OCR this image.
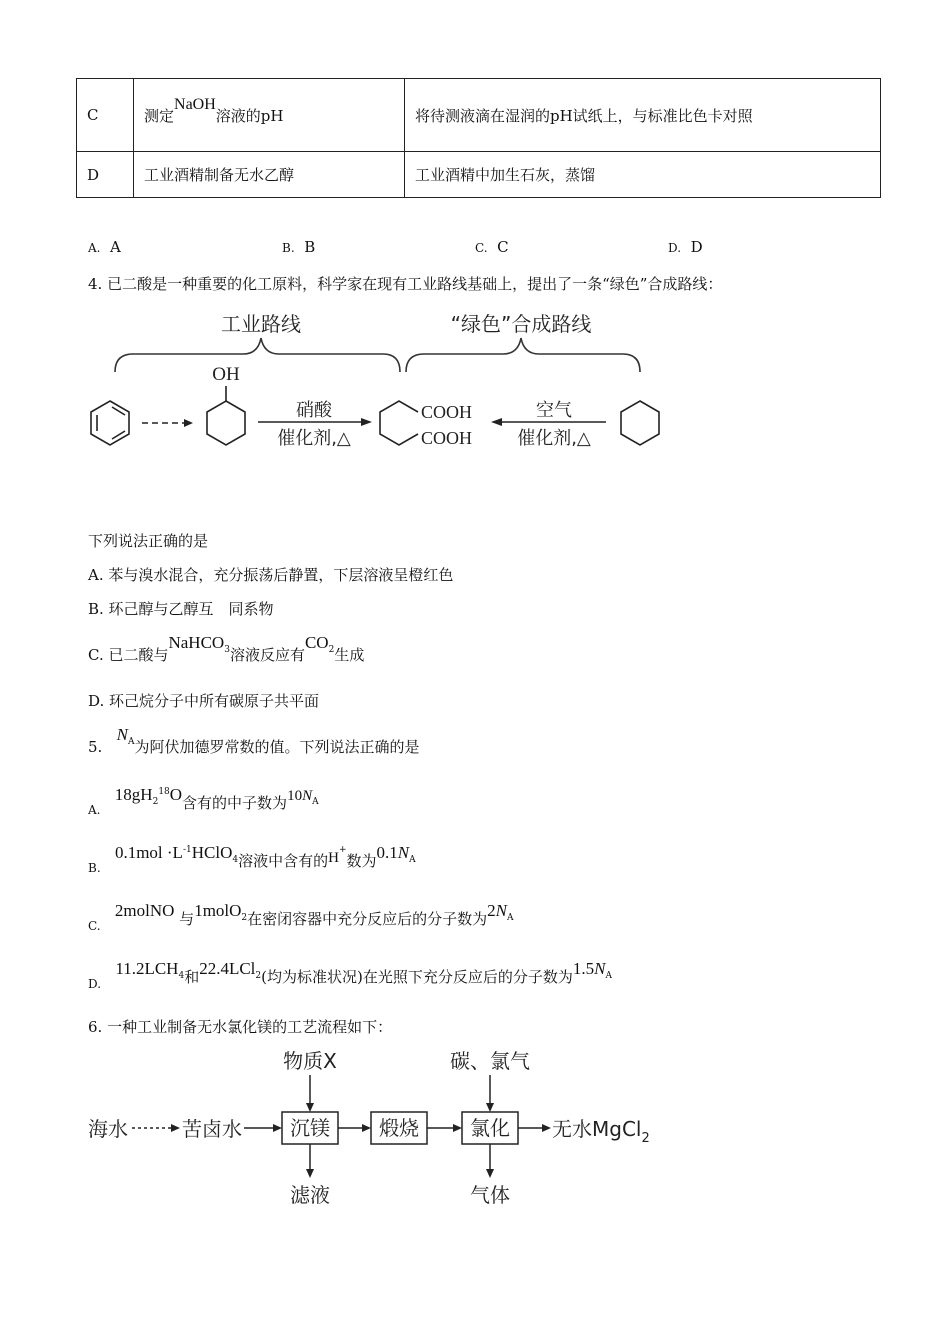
C	测定NaOH溶液的pH	将待测液滴在湿润的pH试纸上，与标准比色卡对照
D	工业酒精制备无水乙醇	工业酒精中加生石灰，蒸馏
A. A	B. B	C. C	D. D
4. 已二酸是一种重要的化工原料，科学家在现有工业路线基础上，提出了一条“绿色”合成路线：
工业路线	“绿色”合成路线
OH
硝酸
催化剂,△
COOH
COOH
空气
催化剂,△
下列说法正确的是
A. 苯与溴水混合，充分振荡后静置，下层溶液呈橙红色
B. 环己醇与乙醇互　同系物
C. 已二酸与NaHCO$_3$溶液反应有$CO_2$生成
D. 环己烷分子中所有碳原子共平面
5.   $N_A$为阿伏加德罗常数的值。下列说法正确的是
$_{A.}$   $18gH_2^{18}O$含有的中子数为$10N_A$
$_{B.}$   $0.1mol \cdot L^{-1}HClO_4$溶液中含有的H+数为$0.1N_A$
$_{C.}$   2molNO 与1molO$_2$在密闭容器中充分反应后的分子数为$2N_A$
$_{D.}$   $11.2LCH_4$和22.4LCl$_2$(均为标准状况)在光照下充分反应后的分子数为$1.5N_A$
6. 一种工业制备无水氯化镁的工艺流程如下：
物质X	碳、氯气
海水	苦卤水 沉镁 煅烧	氯化 无水MgCl$_2$
滤液	气体
